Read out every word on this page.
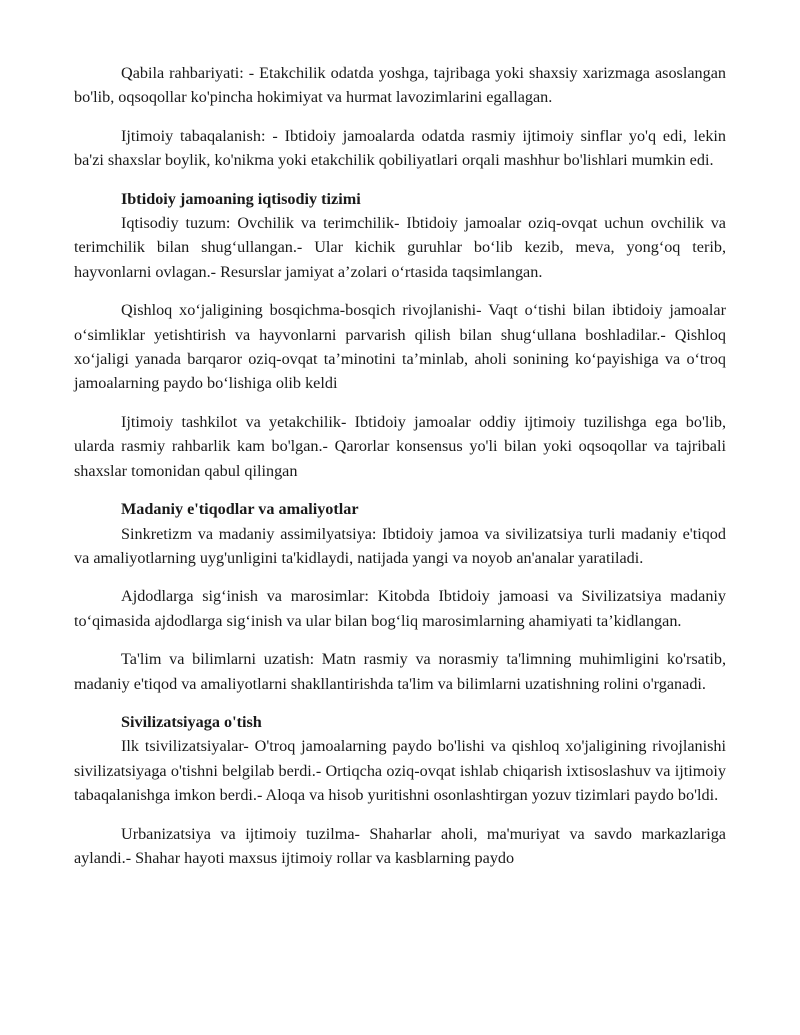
Qabila rahbariyati: - Etakchilik odatda yoshga, tajribaga yoki shaxsiy xarizmaga asoslangan bo'lib, oqsoqollar ko'pincha hokimiyat va hurmat lavozimlarini egallagan.

Ijtimoiy tabaqalanish: - Ibtidoiy jamoalarda odatda rasmiy ijtimoiy sinflar yo'q edi, lekin ba'zi shaxslar boylik, ko'nikma yoki etakchilik qobiliyatlari orqali mashhur bo'lishlari mumkin edi.

Ibtidoiy jamoaning iqtisodiy tizimi

Iqtisodiy tuzum: Ovchilik va terimchilik- Ibtidoiy jamoalar oziq-ovqat uchun ovchilik va terimchilik bilan shug‘ullangan.- Ular kichik guruhlar bo‘lib kezib, meva, yong‘oq terib, hayvonlarni ovlagan.- Resurslar jamiyat a’zolari o‘rtasida taqsimlangan.

Qishloq xo‘jaligining bosqichma-bosqich rivojlanishi- Vaqt o‘tishi bilan ibtidoiy jamoalar o‘simliklar yetishtirish va hayvonlarni parvarish qilish bilan shug‘ullana boshladilar.- Qishloq xo‘jaligi yanada barqaror oziq-ovqat ta’minotini ta’minlab, aholi sonining ko‘payishiga va o‘troq jamoalarning paydo bo‘lishiga olib keldi

Ijtimoiy tashkilot va yetakchilik- Ibtidoiy jamoalar oddiy ijtimoiy tuzilishga ega bo'lib, ularda rasmiy rahbarlik kam bo'lgan.- Qarorlar konsensus yo'li bilan yoki oqsoqollar va tajribali shaxslar tomonidan qabul qilingan

Madaniy e'tiqodlar va amaliyotlar

Sinkretizm va madaniy assimilyatsiya: Ibtidoiy jamoa va sivilizatsiya turli madaniy e'tiqod va amaliyotlarning uyg'unligini ta'kidlaydi, natijada yangi va noyob an'analar yaratiladi.

Ajdodlarga sig‘inish va marosimlar: Kitobda Ibtidoiy jamoasi va Sivilizatsiya madaniy to‘qimasida ajdodlarga sig‘inish va ular bilan bog‘liq marosimlarning ahamiyati ta’kidlangan.

Ta'lim va bilimlarni uzatish: Matn rasmiy va norasmiy ta'limning muhimligini ko'rsatib, madaniy e'tiqod va amaliyotlarni shakllantirishda ta'lim va bilimlarni uzatishning rolini o'rganadi.

Sivilizatsiyaga o'tish

Ilk tsivilizatsiyalar- O'troq jamoalarning paydo bo'lishi va qishloq xo'jaligining rivojlanishi sivilizatsiyaga o'tishni belgilab berdi.- Ortiqcha oziq-ovqat ishlab chiqarish ixtisoslashuv va ijtimoiy tabaqalanishga imkon berdi.- Aloqa va hisob yuritishni osonlashtirgan yozuv tizimlari paydo bo'ldi.

Urbanizatsiya va ijtimoiy tuzilma- Shaharlar aholi, ma'muriyat va savdo markazlariga aylandi.- Shahar hayoti maxsus ijtimoiy rollar va kasblarning paydo
